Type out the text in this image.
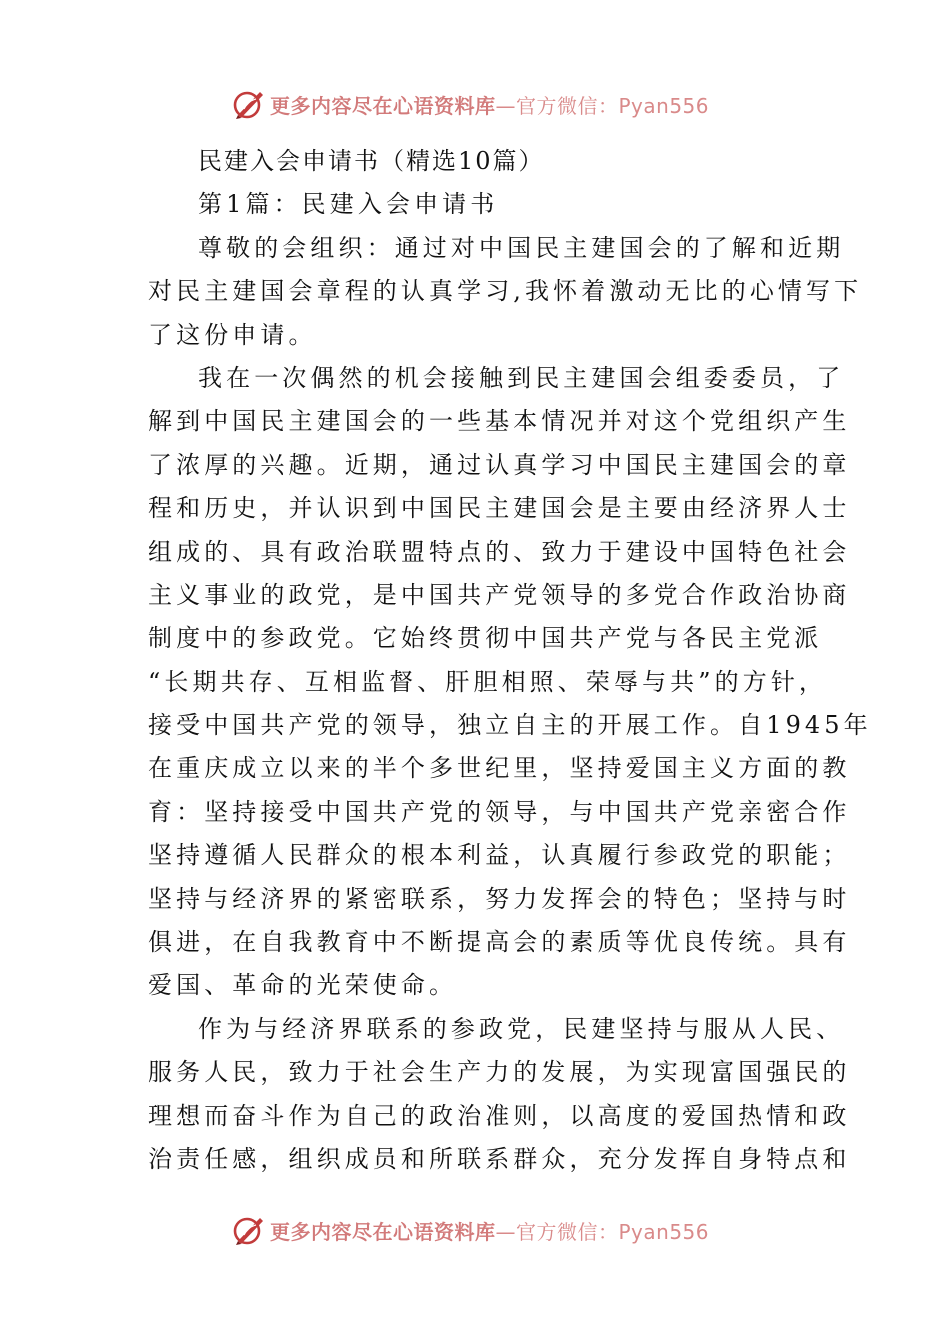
更多内容尽在心语资料库—官方微信：Pyan556
民建入会申请书（精选10篇）
第1篇：民建入会申请书
尊敬的会组织：通过对中国民主建国会的了解和近期
对民主建国会章程的认真学习,我怀着激动无比的心情写下
了这份申请。
我在一次偶然的机会接触到民主建国会组委委员，了
解到中国民主建国会的一些基本情况并对这个党组织产生
了浓厚的兴趣。近期，通过认真学习中国民主建国会的章
程和历史，并认识到中国民主建国会是主要由经济界人士
组成的、具有政治联盟特点的、致力于建设中国特色社会
主义事业的政党，是中国共产党领导的多党合作政治协商
制度中的参政党。它始终贯彻中国共产党与各民主党派
“长期共存、互相监督、肝胆相照、荣辱与共”的方针，
接受中国共产党的领导，独立自主的开展工作。自1945年
在重庆成立以来的半个多世纪里，坚持爱国主义方面的教
育：坚持接受中国共产党的领导，与中国共产党亲密合作
坚持遵循人民群众的根本利益，认真履行参政党的职能；
坚持与经济界的紧密联系，努力发挥会的特色；坚持与时
俱进，在自我教育中不断提高会的素质等优良传统。具有
爱国、革命的光荣使命。
作为与经济界联系的参政党，民建坚持与服从人民、
服务人民，致力于社会生产力的发展，为实现富国强民的
理想而奋斗作为自己的政治准则，以高度的爱国热情和政
治责任感，组织成员和所联系群众，充分发挥自身特点和
更多内容尽在心语资料库—官方微信：Pyan556
